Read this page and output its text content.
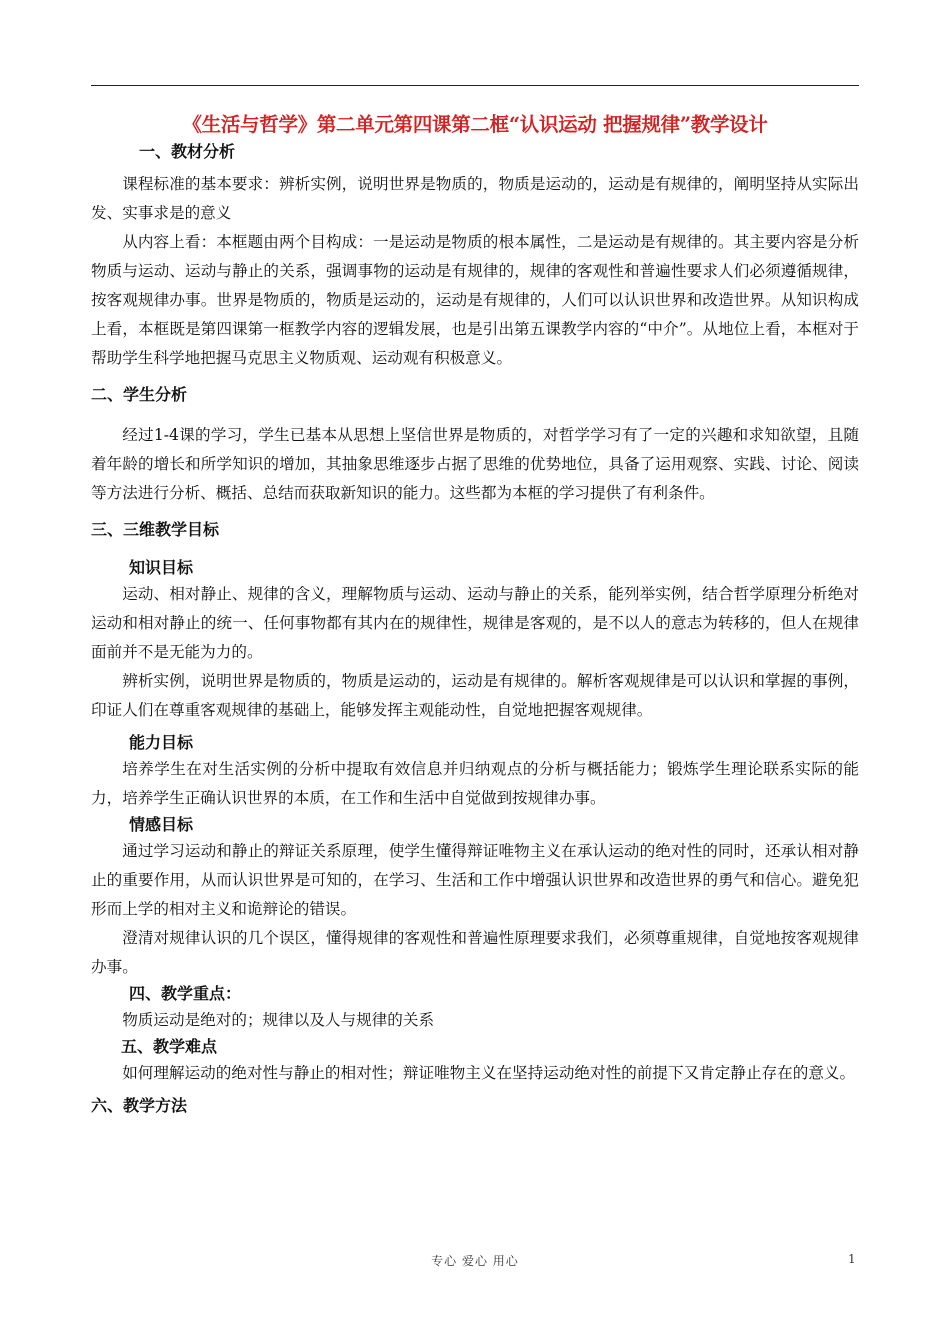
《生活与哲学》第二单元第四课第二框“认识运动 把握规律”教学设计
一、教材分析

课程标准的基本要求：辨析实例，说明世界是物质的，物质是运动的，运动是有规律的，阐明坚持从实际出发、实事求是的意义

从内容上看：本框题由两个目构成：一是运动是物质的根本属性，二是运动是有规律的。其主要内容是分析物质与运动、运动与静止的关系，强调事物的运动是有规律的，规律的客观性和普遍性要求人们必须遵循规律，按客观规律办事。世界是物质的，物质是运动的，运动是有规律的，人们可以认识世界和改造世界。从知识构成上看，本框既是第四课第一框教学内容的逻辑发展，也是引出第五课教学内容的“中介”。从地位上看，本框对于帮助学生科学地把握马克思主义物质观、运动观有积极意义。

二、学生分析

经过1-4课的学习，学生已基本从思想上坚信世界是物质的，对哲学学习有了一定的兴趣和求知欲望，且随着年龄的增长和所学知识的增加，其抽象思维逐步占据了思维的优势地位，具备了运用观察、实践、讨论、阅读等方法进行分析、概括、总结而获取新知识的能力。这些都为本框的学习提供了有利条件。

三、三维教学目标
知识目标

运动、相对静止、规律的含义，理解物质与运动、运动与静止的关系，能列举实例，结合哲学原理分析绝对运动和相对静止的统一、任何事物都有其内在的规律性，规律是客观的，是不以人的意志为转移的，但人在规律面前并不是无能为力的。

辨析实例，说明世界是物质的，物质是运动的，运动是有规律的。解析客观规律是可以认识和掌握的事例，印证人们在尊重客观规律的基础上，能够发挥主观能动性，自觉地把握客观规律。

能力目标

培养学生在对生活实例的分析中提取有效信息并归纳观点的分析与概括能力；锻炼学生理论联系实际的能力，培养学生正确认识世界的本质，在工作和生活中自觉做到按规律办事。

情感目标

通过学习运动和静止的辩证关系原理，使学生懂得辩证唯物主义在承认运动的绝对性的同时，还承认相对静止的重要作用，从而认识世界是可知的，在学习、生活和工作中增强认识世界和改造世界的勇气和信心。避免犯形而上学的相对主义和诡辩论的错误。

澄清对规律认识的几个误区，懂得规律的客观性和普遍性原理要求我们，必须尊重规律，自觉地按客观规律办事。

四、教学重点：

物质运动是绝对的；规律以及人与规律的关系

五、教学难点

如何理解运动的绝对性与静止的相对性；辩证唯物主义在坚持运动绝对性的前提下又肯定静止存在的意义。

六、教学方法
专心 爱心 用心	1
